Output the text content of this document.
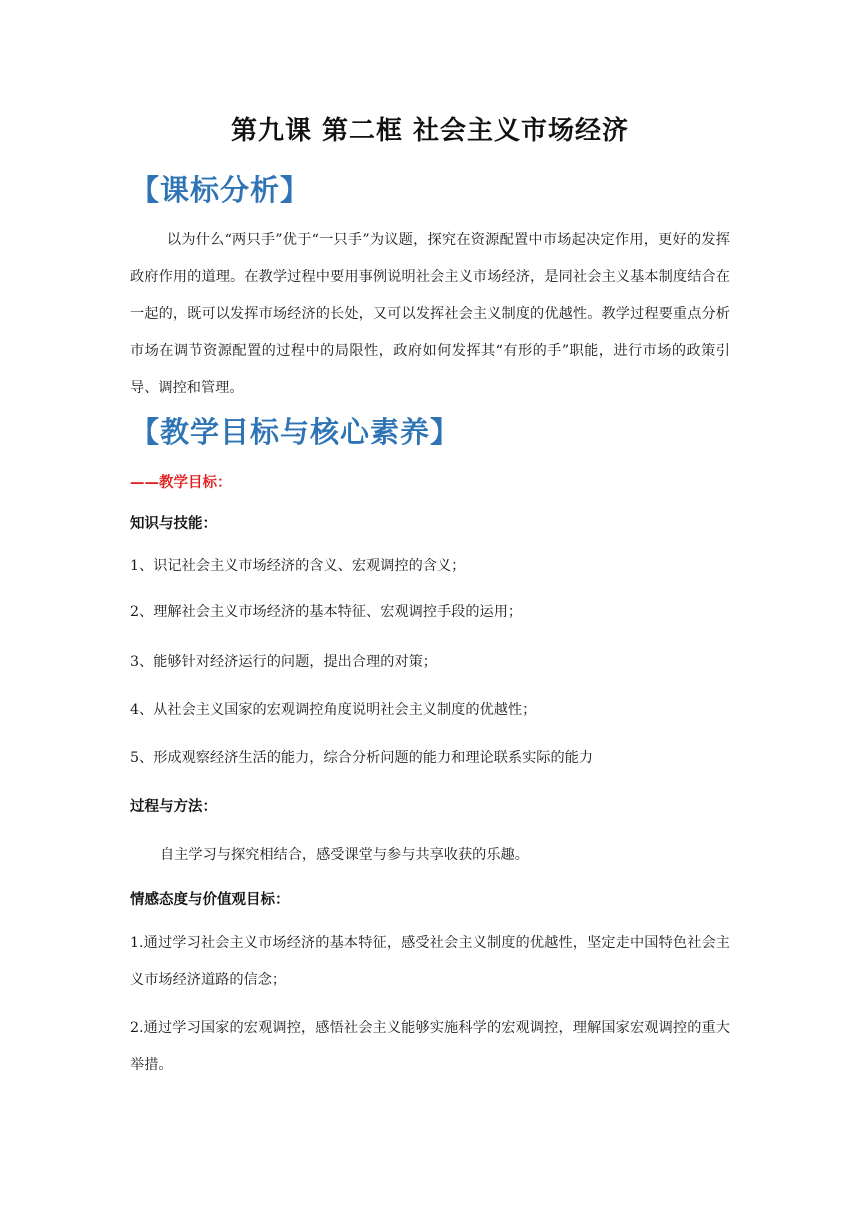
第九课 第二框 社会主义市场经济
【课标分析】
以为什么“两只手”优于“一只手”为议题，探究在资源配置中市场起决定作用，更好的发挥政府作用的道理。在教学过程中要用事例说明社会主义市场经济，是同社会主义基本制度结合在一起的，既可以发挥市场经济的长处，又可以发挥社会主义制度的优越性。教学过程要重点分析市场在调节资源配置的过程中的局限性，政府如何发挥其“有形的手”职能，进行市场的政策引导、调控和管理。
【教学目标与核心素养】
——教学目标：
知识与技能：
1、识记社会主义市场经济的含义、宏观调控的含义；
2、理解社会主义市场经济的基本特征、宏观调控手段的运用；
3、能够针对经济运行的问题，提出合理的对策；
4、从社会主义国家的宏观调控角度说明社会主义制度的优越性；
5、形成观察经济生活的能力，综合分析问题的能力和理论联系实际的能力
过程与方法：
自主学习与探究相结合，感受课堂与参与共享收获的乐趣。
情感态度与价值观目标：
1.通过学习社会主义市场经济的基本特征，感受社会主义制度的优越性，坚定走中国特色社会主义市场经济道路的信念；
2.通过学习国家的宏观调控，感悟社会主义能够实施科学的宏观调控，理解国家宏观调控的重大举措。
